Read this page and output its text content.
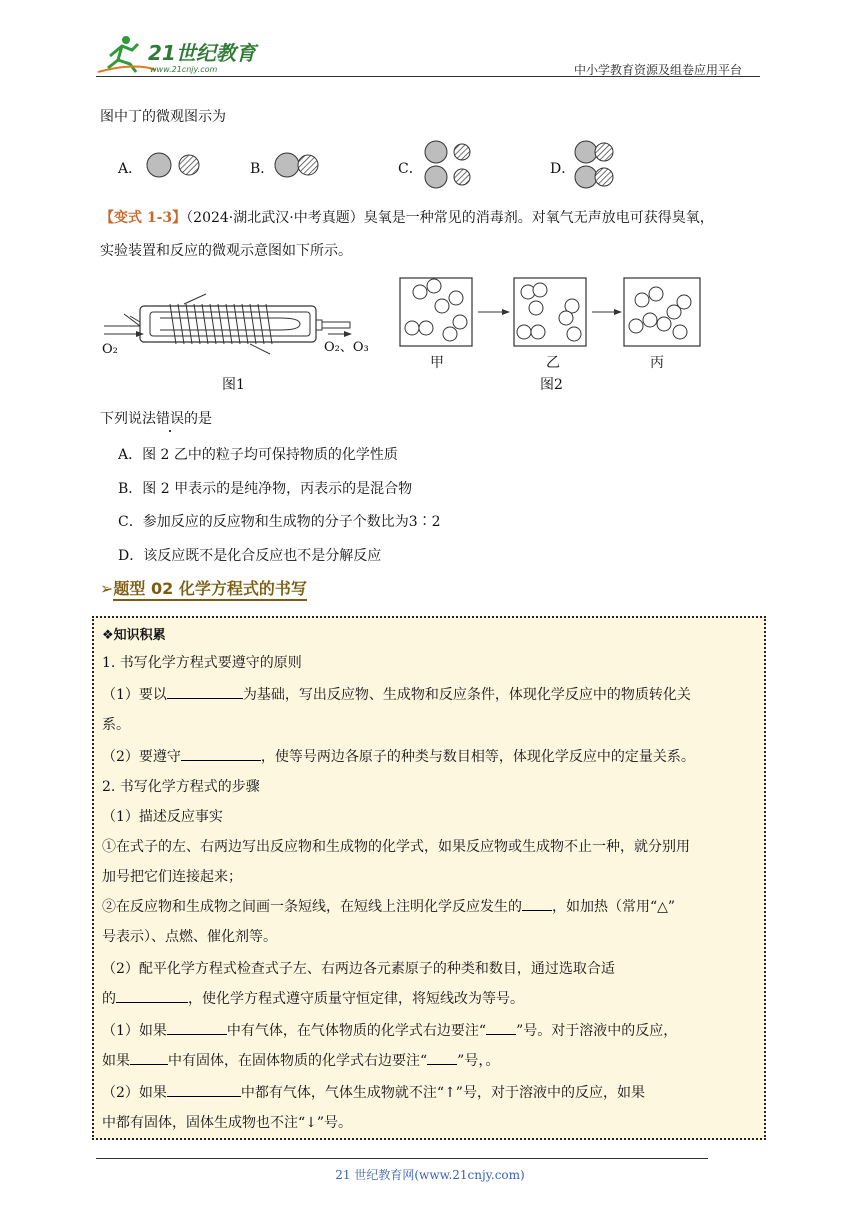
21世纪教育
www.21cnjy.com	中小学教育资源及组卷应用平台
图中丁的微观图示为
A．	B．	C．	D．
【变式 1-3】（2024·湖北武汉·中考真题）臭氧是一种常见的消毒剂。对氧气无声放电可获得臭氧，
实验装置和反应的微观示意图如下所示。
O₂	O₂、O₃
图1
甲	乙	丙
图2
下列说法错误的是
A．图 2 乙中的粒子均可保持物质的化学性质
B．图 2 甲表示的是纯净物，丙表示的是混合物
C．参加反应的反应物和生成物的分子个数比为3∶2
D．该反应既不是化合反应也不是分解反应
➢题型 02 化学方程式的书写
❖知识积累
1. 书写化学方程式要遵守的原则
（1）要以	为基础，写出反应物、生成物和反应条件，体现化学反应中的物质转化关
系。
（2）要遵守	，使等号两边各原子的种类与数目相等，体现化学反应中的定量关系。
2. 书写化学方程式的步骤
（1）描述反应事实
①在式子的左、右两边写出反应物和生成物的化学式，如果反应物或生成物不止一种，就分别用
加号把它们连接起来；
②在反应物和生成物之间画一条短线，在短线上注明化学反应发生的 ，如加热（常用“△”
号表示）、点燃、催化剂等。
（2）配平化学方程式检查式子左、右两边各元素原子的种类和数目，通过选取合适
的	，使化学方程式遵守质量守恒定律，将短线改为等号。
（1）如果	中有气体，在气体物质的化学式右边要注“ ”号。对于溶液中的反应，
如果	中有固体，在固体物质的化学式右边要注“ ”号，。
（2）如果	中都有气体，气体生成物就不注“↑”号，对于溶液中的反应，如果
中都有固体，固体生成物也不注“↓”号。
21 世纪教育网(www.21cnjy.com)
